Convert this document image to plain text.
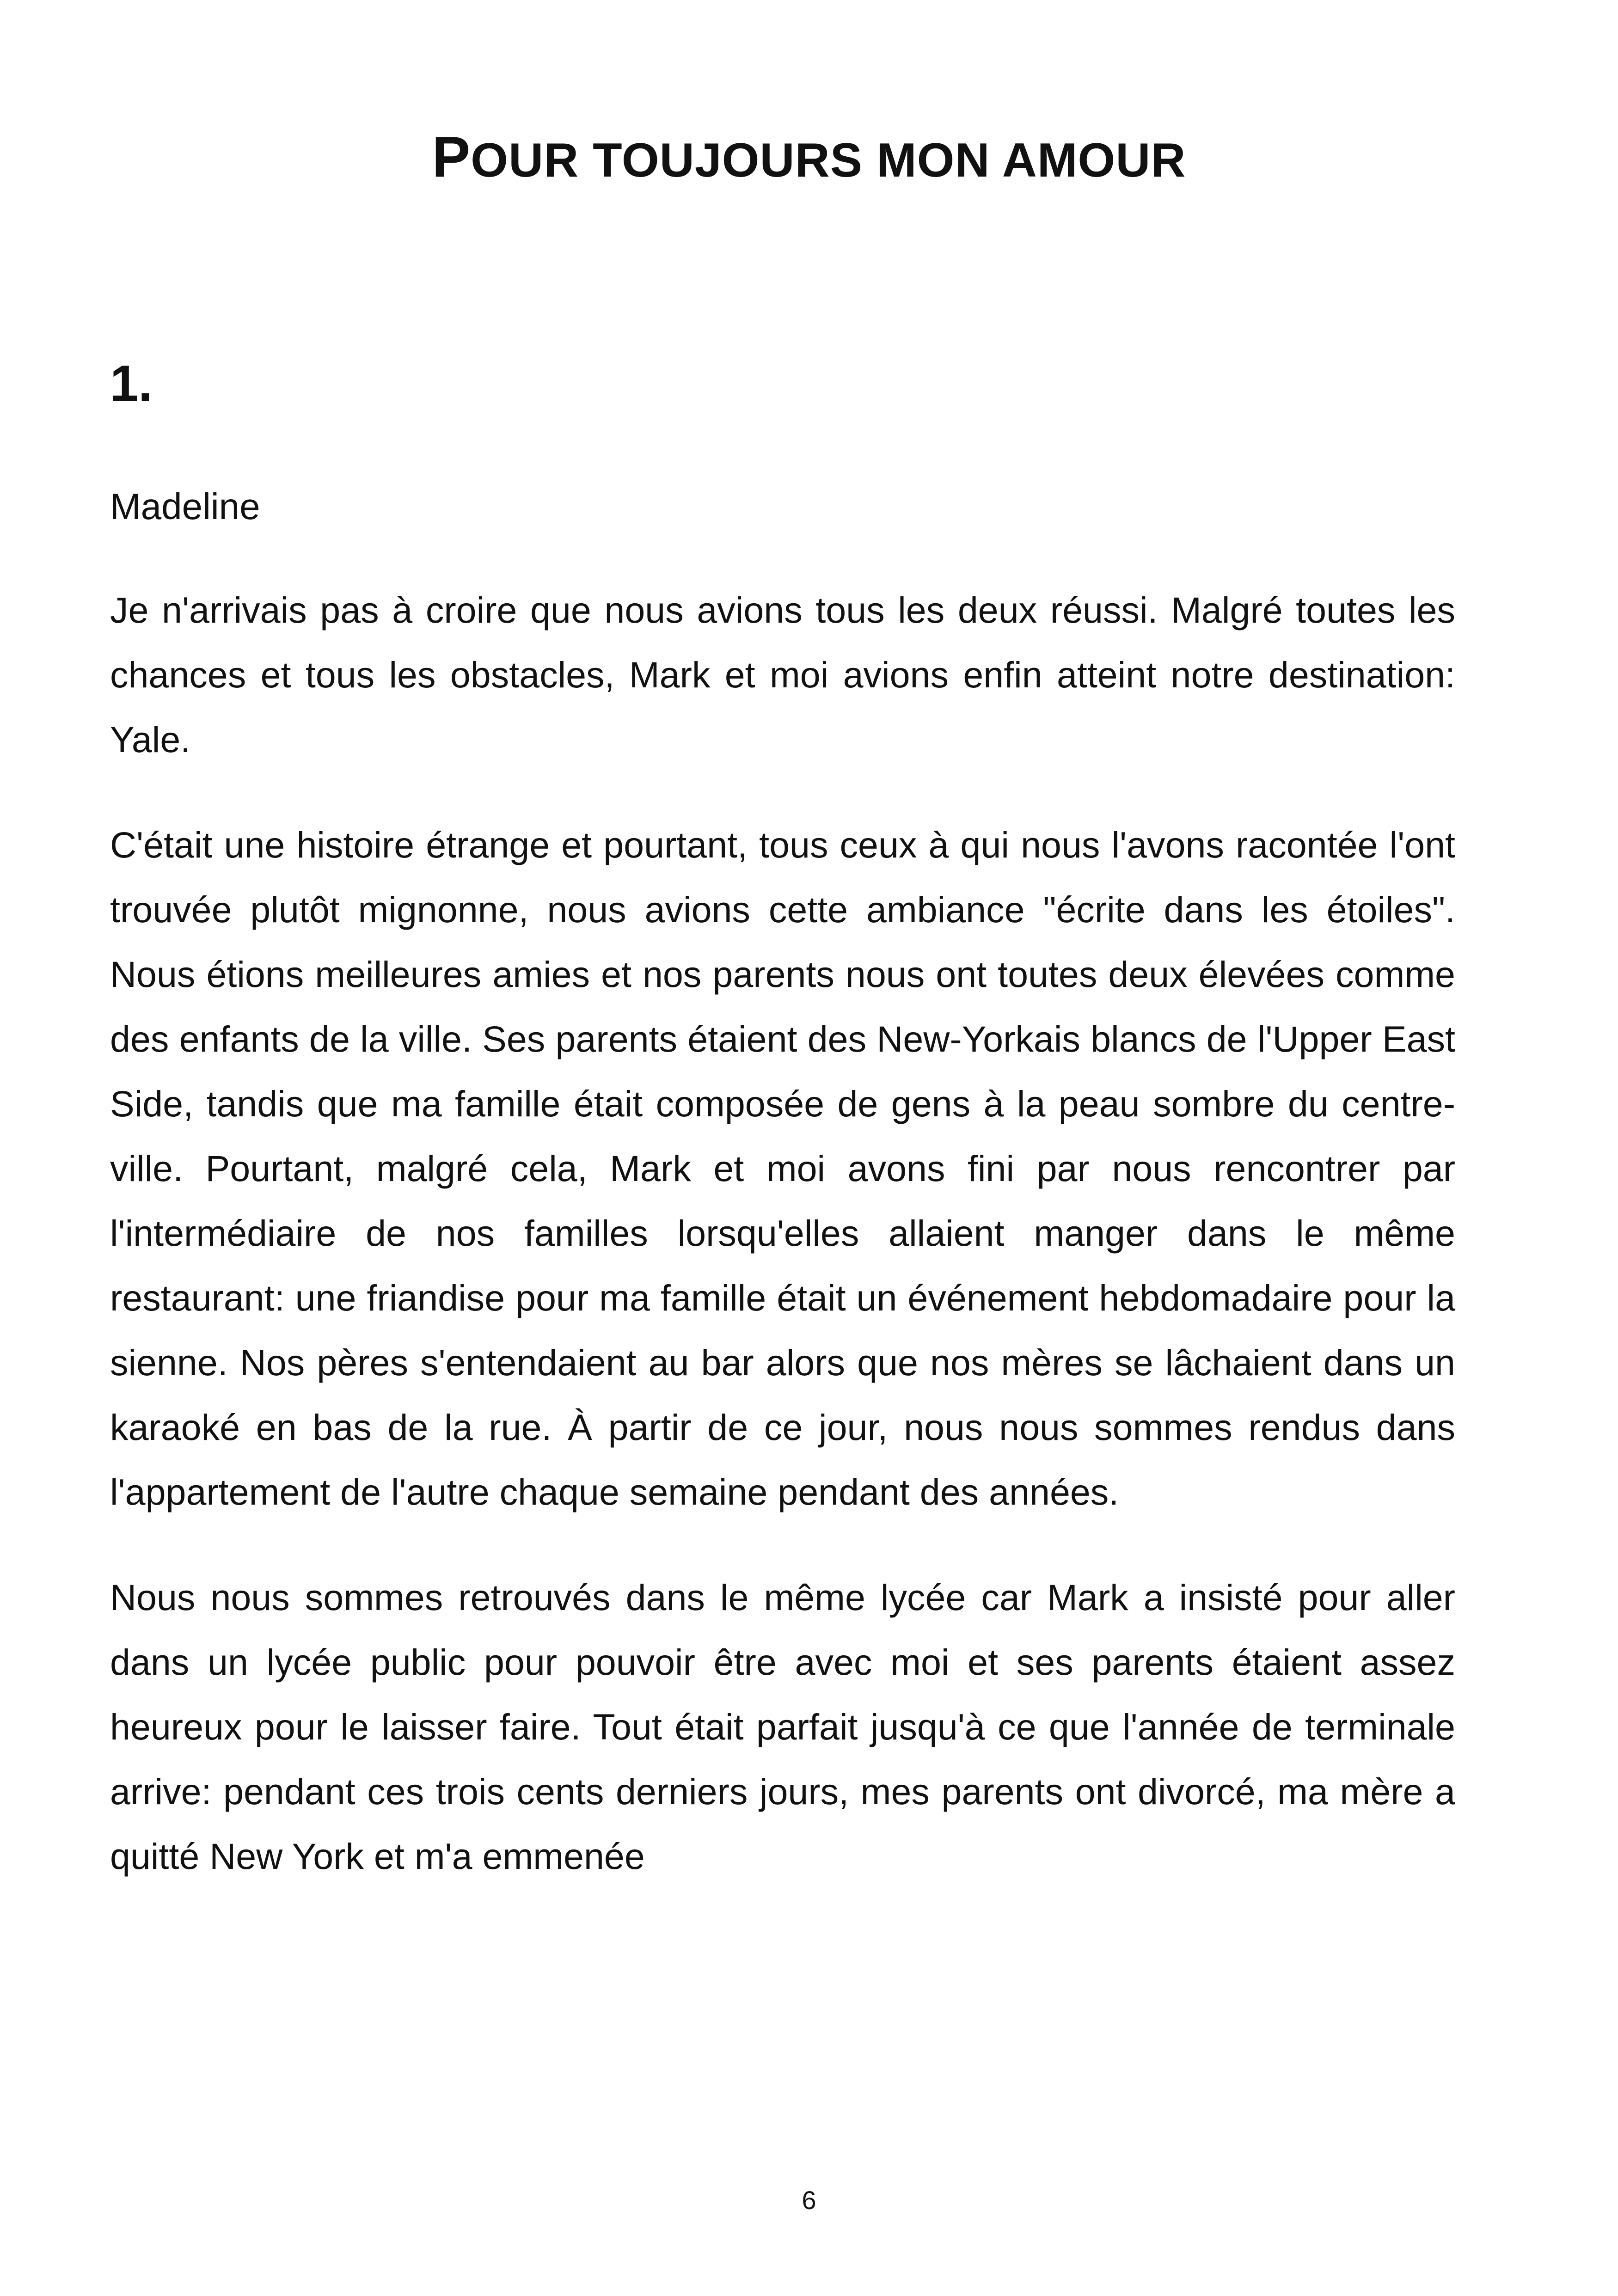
POUR TOUJOURS MON AMOUR
1.

Madeline

Je n'arrivais pas à croire que nous avions tous les deux réussi. Malgré toutes les chances et tous les obstacles, Mark et moi avions enfin atteint notre destination: Yale.

C'était une histoire étrange et pourtant, tous ceux à qui nous l'avons racontée l'ont trouvée plutôt mignonne, nous avions cette ambiance "écrite dans les étoiles". Nous étions meilleures amies et nos parents nous ont toutes deux élevées comme des enfants de la ville. Ses parents étaient des New-Yorkais blancs de l'Upper East Side, tandis que ma famille était composée de gens à la peau sombre du centre-ville. Pourtant, malgré cela, Mark et moi avons fini par nous rencontrer par l'intermédiaire de nos familles lorsqu'elles allaient manger dans le même restaurant: une friandise pour ma famille était un événement hebdomadaire pour la sienne. Nos pères s'entendaient au bar alors que nos mères se lâchaient dans un karaoké en bas de la rue. À partir de ce jour, nous nous sommes rendus dans l'appartement de l'autre chaque semaine pendant des années.

Nous nous sommes retrouvés dans le même lycée car Mark a insisté pour aller dans un lycée public pour pouvoir être avec moi et ses parents étaient assez heureux pour le laisser faire. Tout était parfait jusqu'à ce que l'année de terminale arrive: pendant ces trois cents derniers jours, mes parents ont divorcé, ma mère a quitté New York et m'a emmenée

6
